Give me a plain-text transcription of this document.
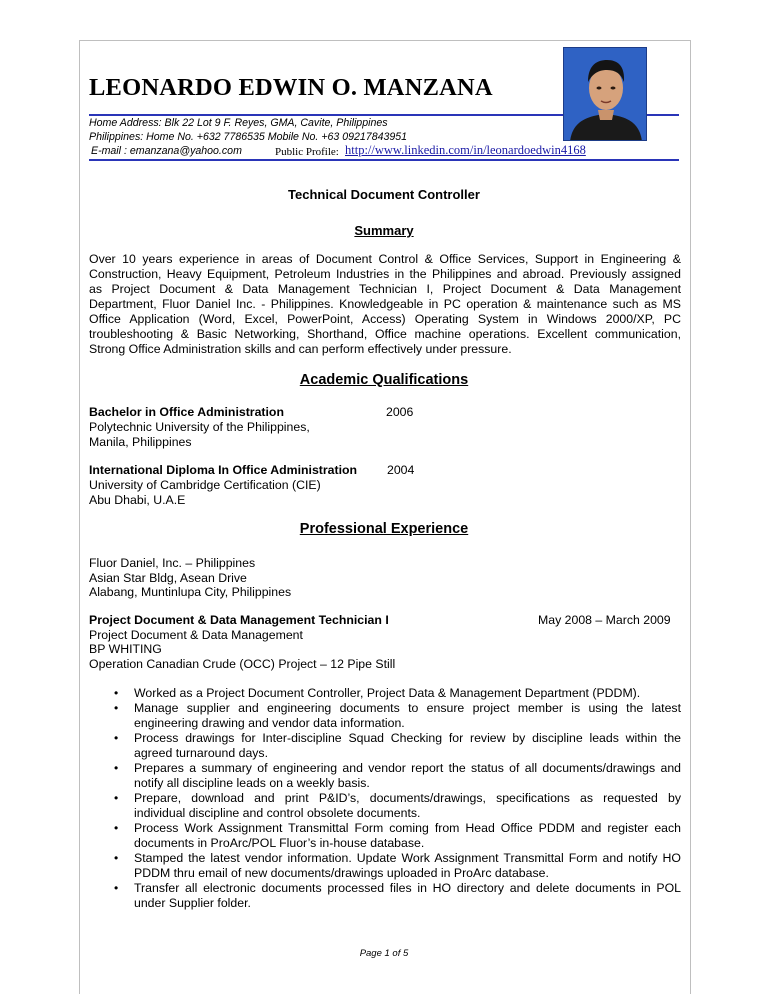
LEONARDO EDWIN O. MANZANA
Home Address: Blk 22 Lot 9 F. Reyes, GMA, Cavite, Philippines
Philippines: Home No. +632 7786535 Mobile No. +63 09217843951
E-mail : emanzana@yahoo.com	Public Profile: http://www.linkedin.com/in/leonardoedwin4168
Technical Document Controller
Summary
Over 10 years experience in areas of Document Control & Office Services, Support in Engineering &
Construction, Heavy Equipment, Petroleum Industries in the Philippines and abroad. Previously assigned
as Project Document & Data Management Technician I, Project Document & Data Management
Department, Fluor Daniel Inc. - Philippines. Knowledgeable in PC operation & maintenance such as MS
Office Application (Word, Excel, PowerPoint, Access) Operating System in Windows 2000/XP, PC
troubleshooting & Basic Networking, Shorthand, Office machine operations. Excellent communication,
Strong Office Administration skills and can perform effectively under pressure.
Academic Qualifications
Bachelor in Office Administration	2006
Polytechnic University of the Philippines,
Manila, Philippines
International Diploma In Office Administration 2004
University of Cambridge Certification (CIE)
Abu Dhabi, U.A.E
Professional Experience
Fluor Daniel, Inc. – Philippines
Asian Star Bldg, Asean Drive
Alabang, Muntinlupa City, Philippines
Project Document & Data Management Technician I	May 2008 – March 2009
Project Document & Data Management
BP WHITING
Operation Canadian Crude (OCC) Project – 12 Pipe Still
• Worked as a Project Document Controller, Project Data & Management Department (PDDM).
• Manage supplier and engineering documents to ensure project member is using the latest
engineering drawing and vendor data information.
• Process drawings for Inter-discipline Squad Checking for review by discipline leads within the
agreed turnaround days.
• Prepares a summary of engineering and vendor report the status of all documents/drawings and
notify all discipline leads on a weekly basis.
• Prepare, download and print P&ID’s, documents/drawings, specifications as requested by
individual discipline and control obsolete documents.
• Process Work Assignment Transmittal Form coming from Head Office PDDM and register each
documents in ProArc/POL Fluor’s in-house database.
• Stamped the latest vendor information. Update Work Assignment Transmittal Form and notify HO
PDDM thru email of new documents/drawings uploaded in ProArc database.
• Transfer all electronic documents processed files in HO directory and delete documents in POL
under Supplier folder.
Page 1 of 5
